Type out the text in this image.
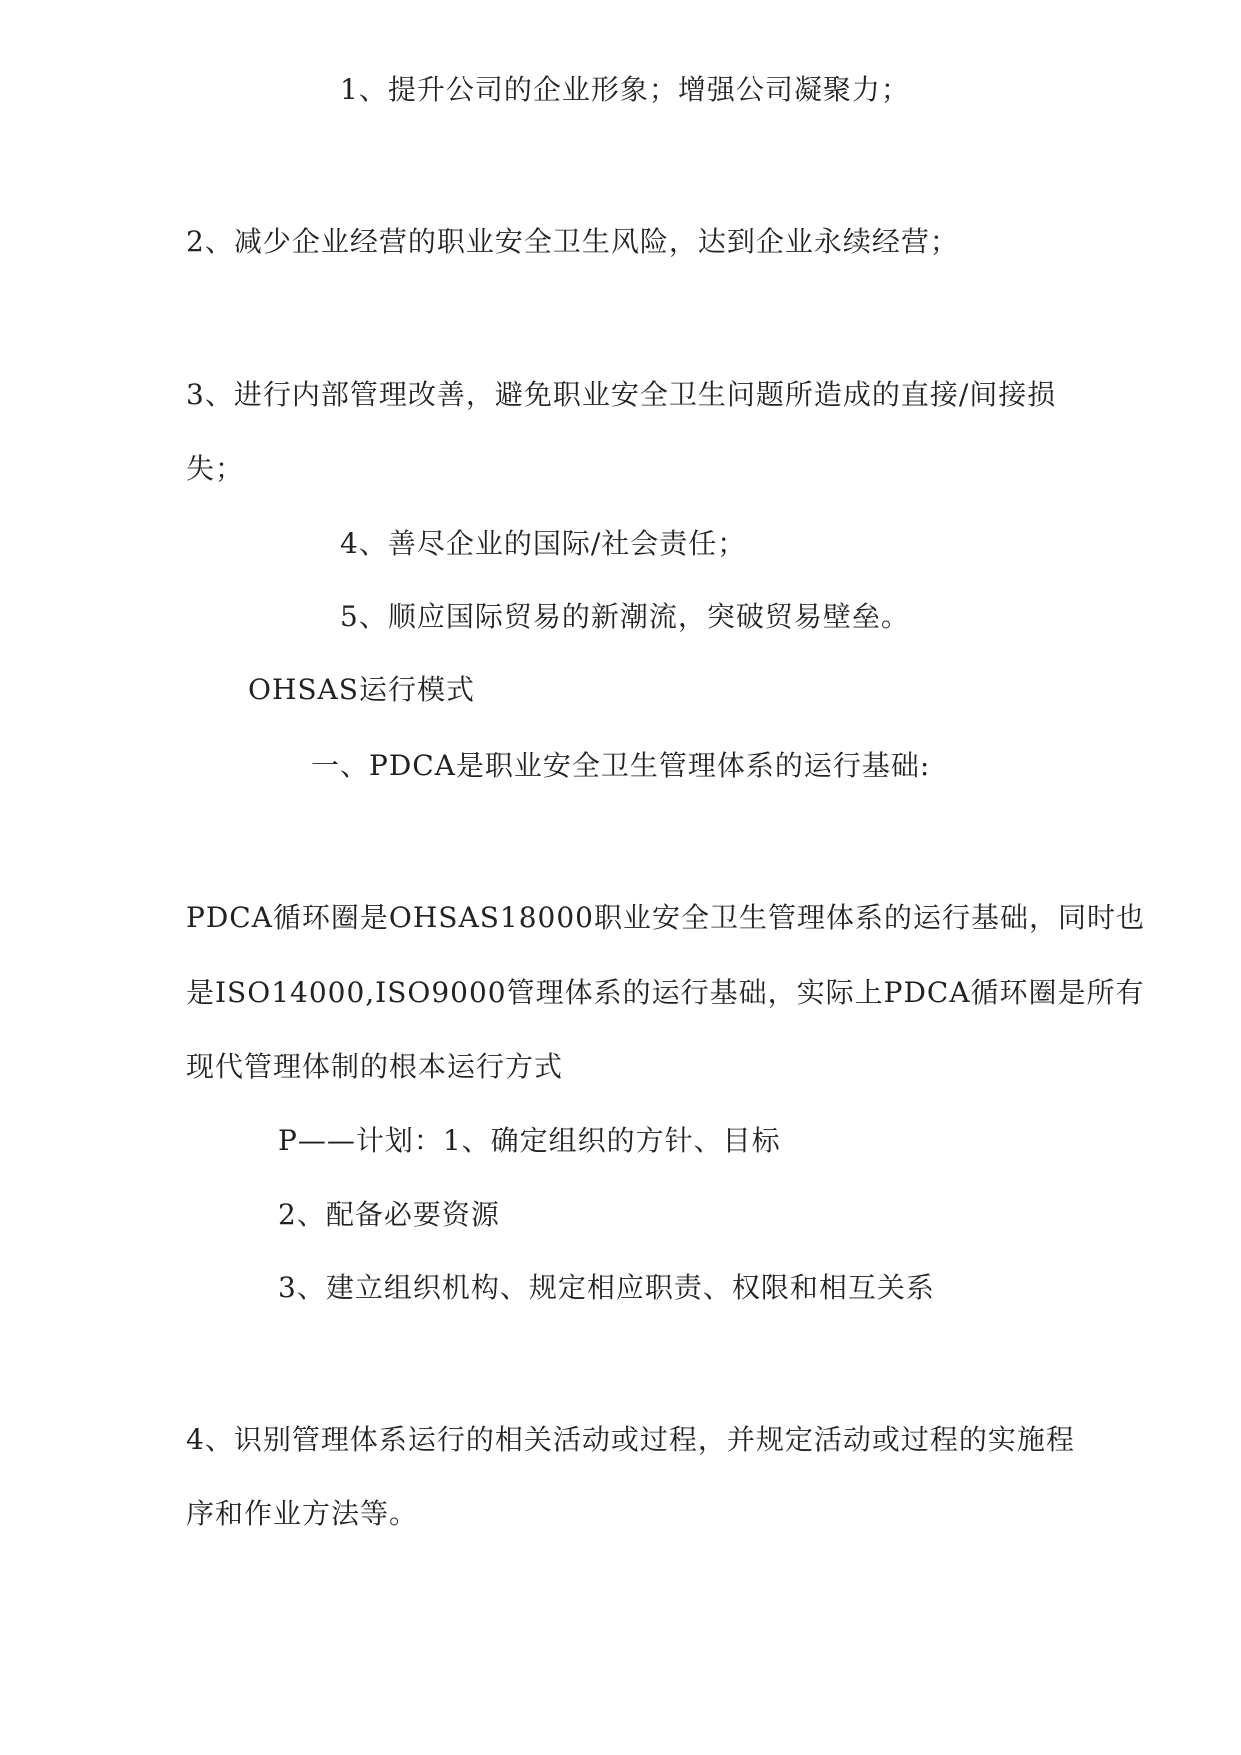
1、提升公司的企业形象；增强公司凝聚力；
2、减少企业经营的职业安全卫生风险，达到企业永续经营；
3、进行内部管理改善，避免职业安全卫生问题所造成的直接/间接损
失；
4、善尽企业的国际/社会责任；
5、顺应国际贸易的新潮流，突破贸易壁垒。
OHSAS运行模式
一、PDCA是职业安全卫生管理体系的运行基础:
PDCA循环圈是OHSAS18000职业安全卫生管理体系的运行基础，同时也
是ISO14000,ISO9000管理体系的运行基础，实际上PDCA循环圈是所有
现代管理体制的根本运行方式
P——计划：1、确定组织的方针、目标
2、配备必要资源
3、建立组织机构、规定相应职责、权限和相互关系
4、识别管理体系运行的相关活动或过程，并规定活动或过程的实施程
序和作业方法等。
